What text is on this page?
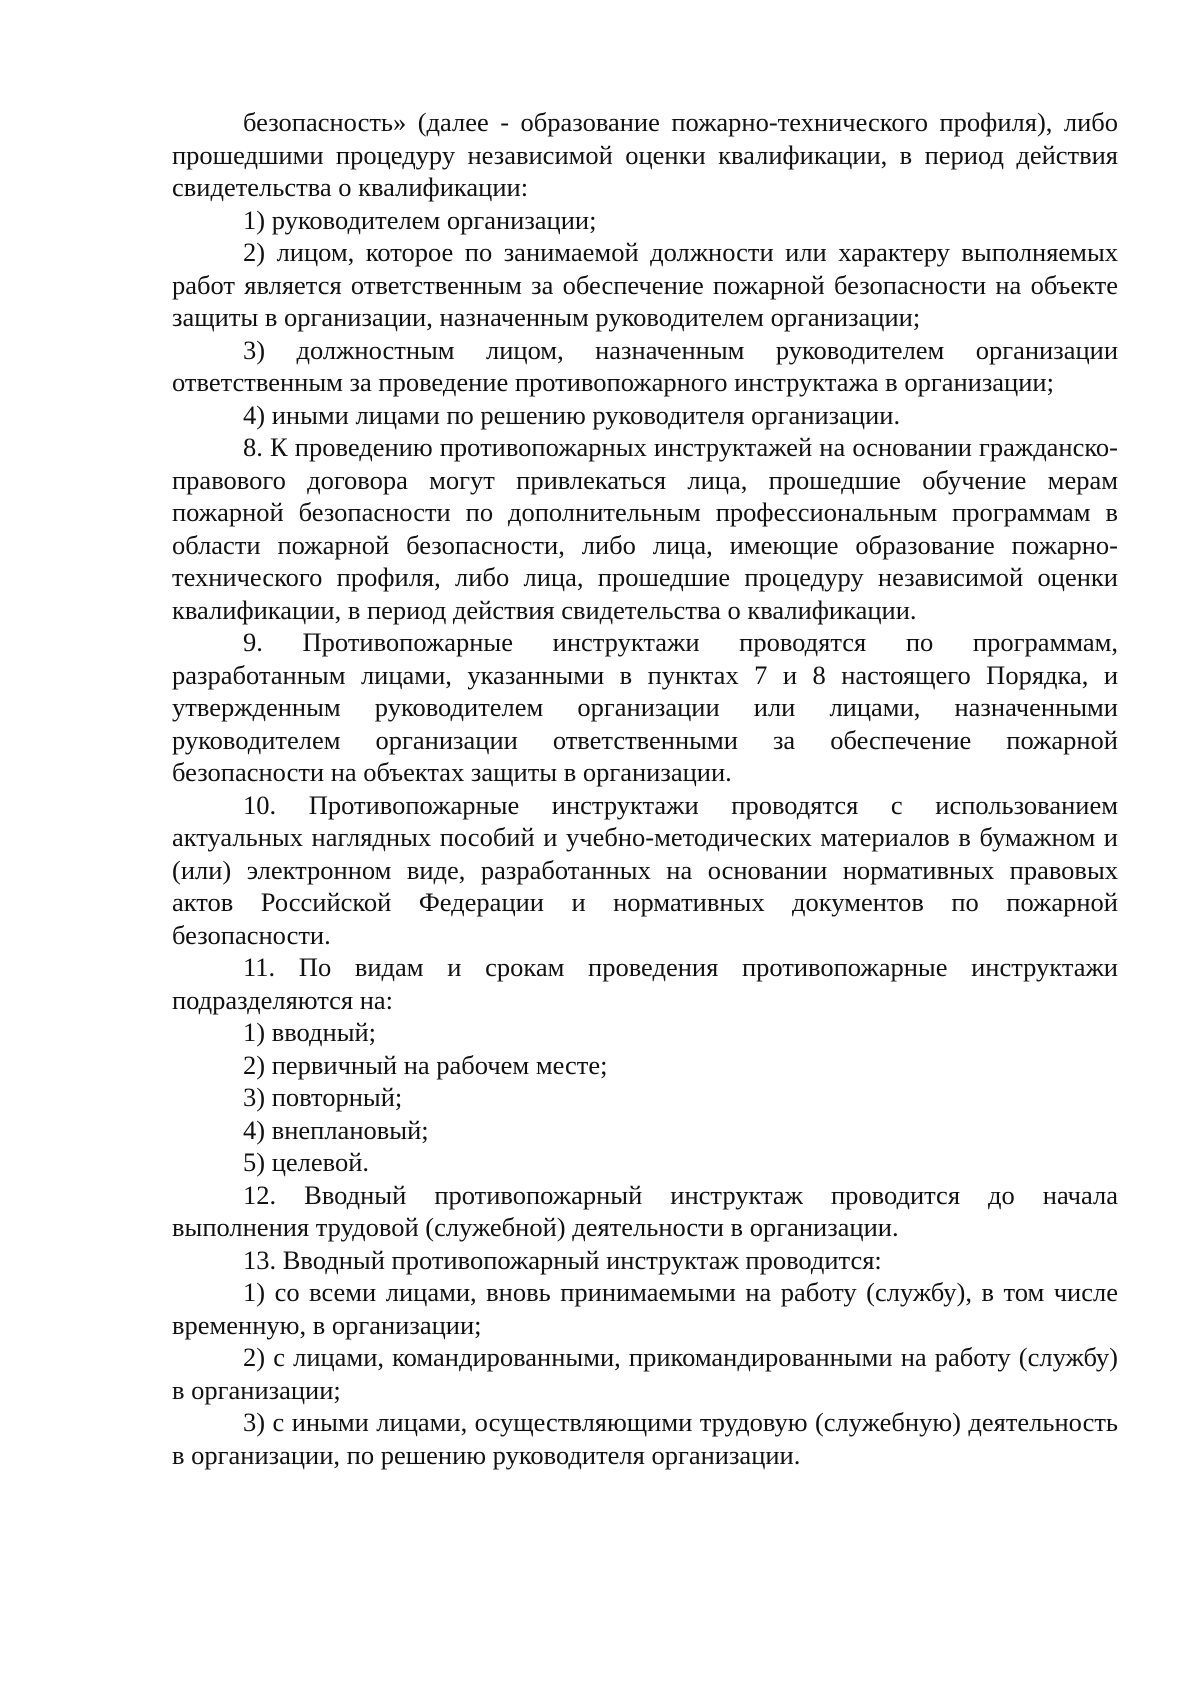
безопасность» (далее - образование пожарно-технического профиля), либо прошедшими процедуру независимой оценки квалификации, в период действия свидетельства о квалификации:

1) руководителем организации;

2) лицом, которое по занимаемой должности или характеру выполняемых работ является ответственным за обеспечение пожарной безопасности на объекте защиты в организации, назначенным руководителем организации;

3) должностным лицом, назначенным руководителем организации ответственным за проведение противопожарного инструктажа в организации;

4) иными лицами по решению руководителя организации.

8. К проведению противопожарных инструктажей на основании гражданско-правового договора могут привлекаться лица, прошедшие обучение мерам пожарной безопасности по дополнительным профессиональным программам в области пожарной безопасности, либо лица, имеющие образование пожарно-технического профиля, либо лица, прошедшие процедуру независимой оценки квалификации, в период действия свидетельства о квалификации.

9. Противопожарные инструктажи проводятся по программам, разработанным лицами, указанными в пунктах 7 и 8 настоящего Порядка, и утвержденным руководителем организации или лицами, назначенными руководителем организации ответственными за обеспечение пожарной безопасности на объектах защиты в организации.

10. Противопожарные инструктажи проводятся с использованием актуальных наглядных пособий и учебно-методических материалов в бумажном и (или) электронном виде, разработанных на основании нормативных правовых актов Российской Федерации и нормативных документов по пожарной безопасности.

11. По видам и срокам проведения противопожарные инструктажи подразделяются на:

1) вводный;

2) первичный на рабочем месте;

3) повторный;

4) внеплановый;

5) целевой.

12. Вводный противопожарный инструктаж проводится до начала выполнения трудовой (служебной) деятельности в организации.

13. Вводный противопожарный инструктаж проводится:

1) со всеми лицами, вновь принимаемыми на работу (службу), в том числе временную, в организации;

2) с лицами, командированными, прикомандированными на работу (службу) в организации;

3) с иными лицами, осуществляющими трудовую (служебную) деятельность в организации, по решению руководителя организации.
